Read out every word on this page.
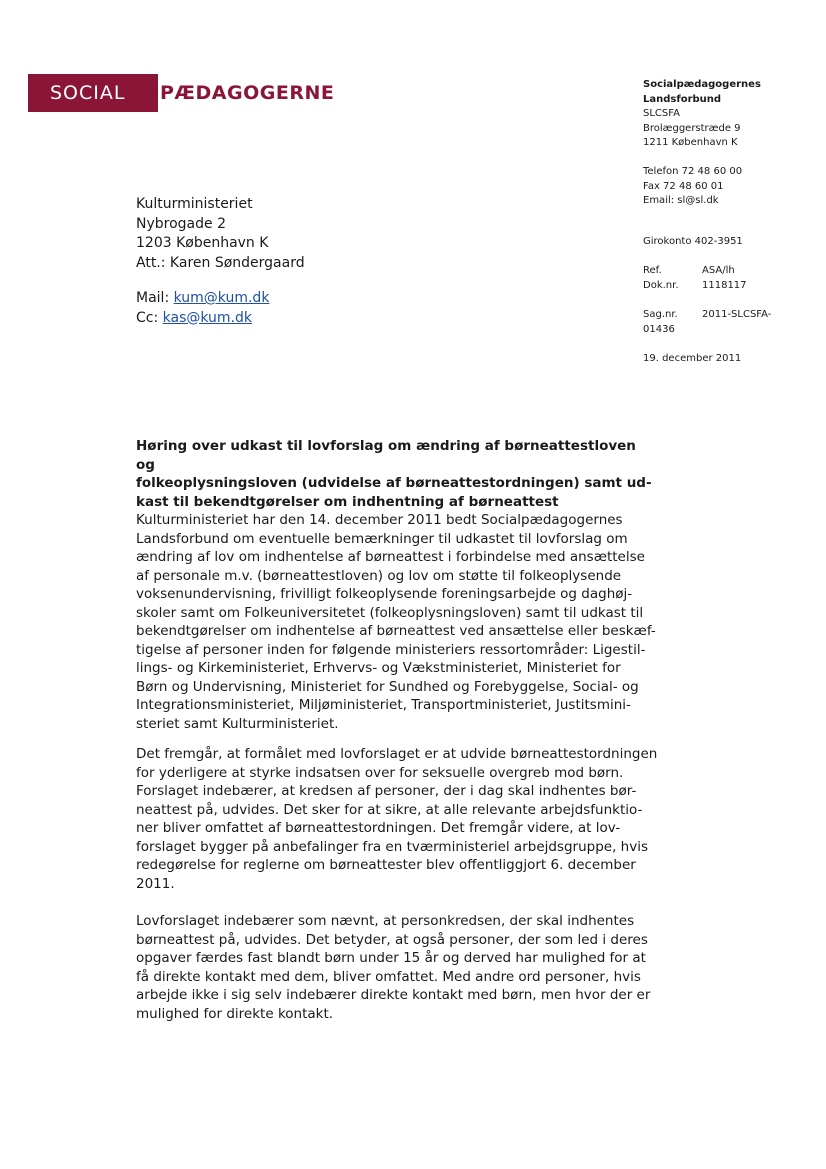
SOCIAL	PÆDAGOGERNE	Socialpædagogernes
Landsforbund
SLCSFA
Brolæggerstræde 9
1211 København K
Telefon 72 48 60 00
Fax 72 48 60 01
Email: sl@sl.dk
Girokonto 402-3951
Ref.	ASA/lh
Dok.nr. 1118117
Sag.nr. 2011-SLCSFA-
01436
19. december 2011
Kulturministeriet
Nybrogade 2
1203 København K
Att.: Karen Søndergaard
Mail: kum@kum.dk
Cc: kas@kum.dk
Høring over udkast til lovforslag om ændring af børneattestloven og
folkeoplysningsloven (udvidelse af børneattestordningen) samt ud-
kast til bekendtgørelser om indhentning af børneattest

Kulturministeriet har den 14. december 2011 bedt Socialpædagogernes
Landsforbund om eventuelle bemærkninger til udkastet til lovforslag om
ændring af lov om indhentelse af børneattest i forbindelse med ansættelse
af personale m.v. (børneattestloven) og lov om støtte til folkeoplysende
voksenundervisning, frivilligt folkeoplysende foreningsarbejde og daghøj-
skoler samt om Folkeuniversitetet (folkeoplysningsloven) samt til udkast til
bekendtgørelser om indhentelse af børneattest ved ansættelse eller beskæf-
tigelse af personer inden for følgende ministeriers ressortområder: Ligestil-
lings- og Kirkeministeriet, Erhvervs- og Vækstministeriet, Ministeriet for
Børn og Undervisning, Ministeriet for Sundhed og Forebyggelse, Social- og
Integrationsministeriet, Miljøministeriet, Transportministeriet, Justitsmini-
steriet samt Kulturministeriet.

Det fremgår, at formålet med lovforslaget er at udvide børneattestordningen
for yderligere at styrke indsatsen over for seksuelle overgreb mod børn.
Forslaget indebærer, at kredsen af personer, der i dag skal indhentes bør-
neattest på, udvides. Det sker for at sikre, at alle relevante arbejdsfunktio-
ner bliver omfattet af børneattestordningen. Det fremgår videre, at lov-
forslaget bygger på anbefalinger fra en tværministeriel arbejdsgruppe, hvis
redegørelse for reglerne om børneattester blev offentliggjort 6. december
2011.

Lovforslaget indebærer som nævnt, at personkredsen, der skal indhentes
børneattest på, udvides. Det betyder, at også personer, der som led i deres
opgaver færdes fast blandt børn under 15 år og derved har mulighed for at
få direkte kontakt med dem, bliver omfattet. Med andre ord personer, hvis
arbejde ikke i sig selv indebærer direkte kontakt med børn, men hvor der er
mulighed for direkte kontakt.
